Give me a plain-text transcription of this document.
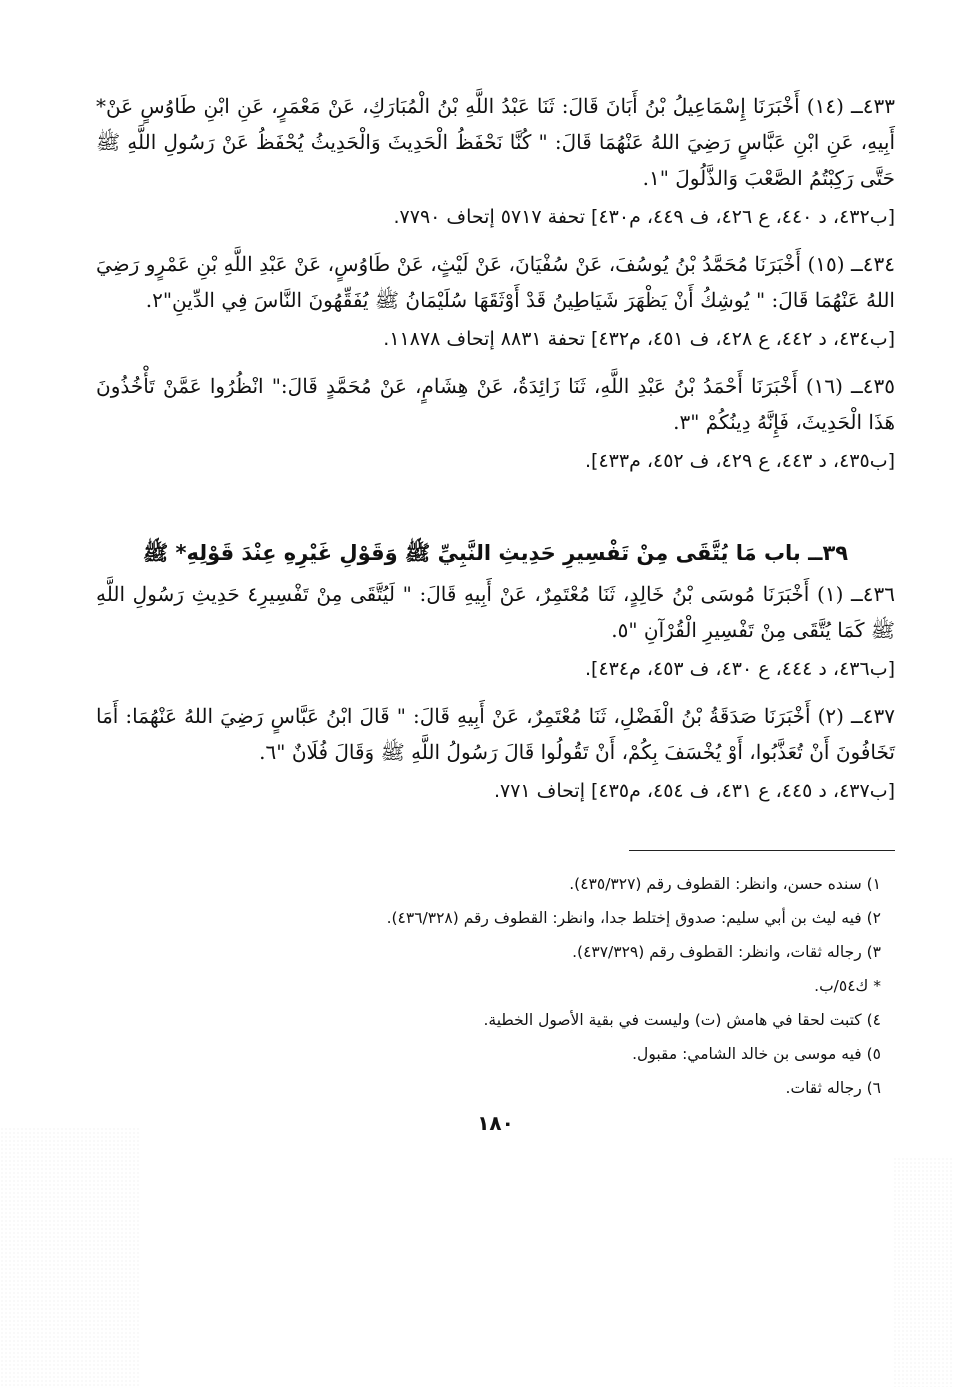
٤٣٣ــ (١٤) أَخْبَرَنَا إِسْمَاعِيلُ بْنُ أَبَانَ قَالَ: ثَنَا عَبْدُ اللَّهِ بْنُ الْمُبَارَكِ، عَنْ مَعْمَرٍ، عَنِ ابْنِ طَاوُسٍ عَنْ* أَبِيهِ، عَنِ ابْنِ عَبَّاسٍ رَضِيَ اللهُ عَنْهُمَا قَالَ: " كُنَّا نَحْفَظُ الْحَدِيثَ وَالْحَدِيثُ يُحْفَظُ عَنْ رَسُولِ اللَّهِ ﷺ حَتَّى رَكِبْتُمُ الصَّعْبَ وَالذَّلُولَ "١.

[ب٤٣٢، د ٤٤٠، ع ٤٢٦، ف ٤٤٩، م٤٣٠] تحفة ٥٧١٧ إتحاف ٧٧٩٠.

٤٣٤ــ (١٥) أَخْبَرَنَا مُحَمَّدُ بْنُ يُوسُفَ، عَنْ سُفْيَانَ، عَنْ لَيْثٍ، عَنْ طَاوُسٍ، عَنْ عَبْدِ اللَّهِ بْنِ عَمْرٍو رَضِيَ اللهُ عَنْهُمَا قَالَ: " يُوشِكُ أَنْ يَظْهَرَ شَيَاطِينُ قَدْ أَوْثَقَهَا سُلَيْمَانُ ﷺ يُفَقِّهُونَ النَّاسَ فِي الدِّينِ"٢.

[ب٤٣٤، د ٤٤٢، ع ٤٢٨، ف ٤٥١، م٤٣٢] تحفة ٨٨٣١ إتحاف ١١٨٧٨.

٤٣٥ــ (١٦) أَخْبَرَنَا أَحْمَدُ بْنُ عَبْدِ اللَّهِ، ثَنَا زَائِدَةُ، عَنْ هِشَامٍ، عَنْ مُحَمَّدٍ قَالَ:" انْظُرُوا عَمَّنْ تَأْخُذُونَ هَذَا الْحَدِيثَ، فَإِنَّهُ دِينُكُمْ "٣.

[ب٤٣٥، د ٤٤٣، ع ٤٢٩، ف ٤٥٢، م٤٣٣].

٣٩ــ باب مَا يُتَّقَى مِنْ تَفْسِيرِ حَدِيثِ النَّبِيِّ ﷺ وَقَوْلِ غَيْرِهِ عِنْدَ قَوْلِهِ* ﷺ

٤٣٦ــ (١) أَخْبَرَنَا مُوسَى بْنُ خَالِدٍ، ثَنَا مُعْتَمِرٌ، عَنْ أَبِيهِ قَالَ: " لَيُتَّقَى مِنْ تَفْسِيرِ٤ حَدِيثِ رَسُولِ اللَّهِ ﷺ كَمَا يُتَّقَى مِنْ تَفْسِيرِ الْقُرْآنِ "٥.

[ب٤٣٦، د ٤٤٤، ع ٤٣٠، ف ٤٥٣، م٤٣٤].

٤٣٧ــ (٢) أَخْبَرَنَا صَدَقَةُ بْنُ الْفَضْلِ، ثَنَا مُعْتَمِرٌ، عَنْ أَبِيهِ قَالَ: " قَالَ ابْنُ عَبَّاسٍ رَضِيَ اللهُ عَنْهُمَا: أَمَا تَخَافُونَ أَنْ تُعَذَّبُوا، أَوْ يُخْسَفَ بِكُمْ، أَنْ تَقُولُوا قَالَ رَسُولُ اللَّهِ ﷺ وَقَالَ فُلَانٌ "٦.

[ب٤٣٧، د ٤٤٥، ع ٤٣١، ف ٤٥٤، م٤٣٥] إتحاف ٧٧١.

١) سنده حسن، وانظر: القطوف رقم (٤٣٥/٣٢٧).

٢) فيه ليث بن أبي سليم: صدوق إختلط جدا، وانظر: القطوف رقم (٤٣٦/٣٢٨).

٣) رجاله ثقات، وانظر: القطوف رقم (٤٣٧/٣٢٩).

* ك٥٤/ب.

٤) كتبت لحقا في هامش (ت) وليست في بقية الأصول الخطية.

٥) فيه موسى بن خالد الشامي: مقبول.

٦) رجاله ثقات.

١٨٠
